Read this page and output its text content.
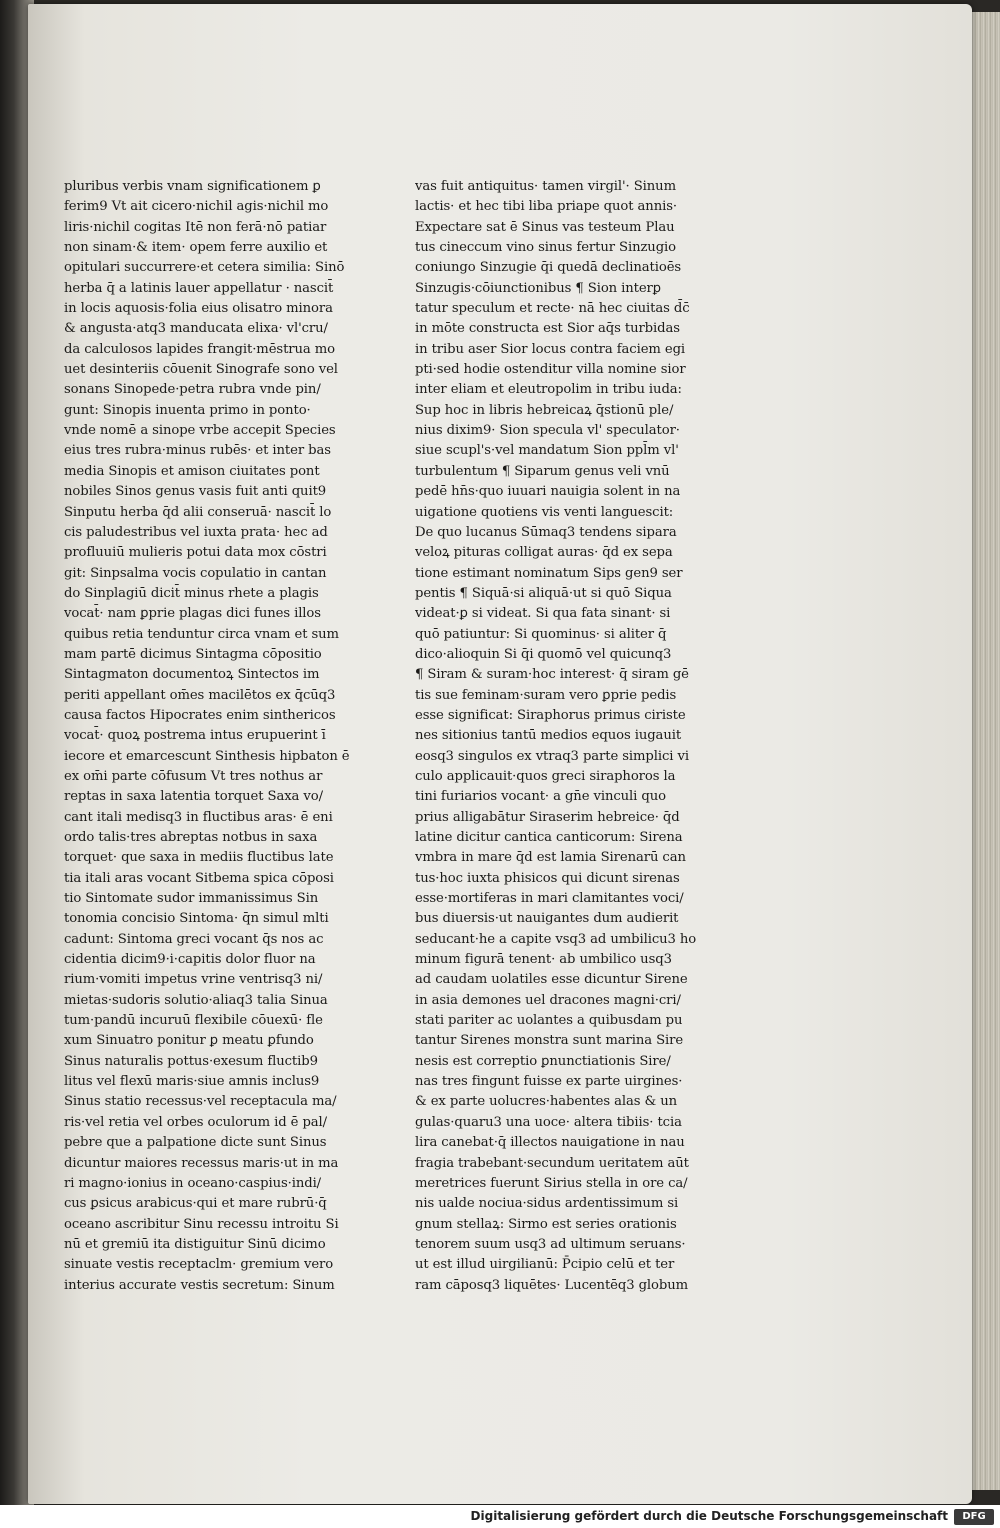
pluribus verbis vnam significationem ꝑ
ferim9 Vt ait cicero·nichil agis·nichil mo
liris·nichil cogitas Itē non ferā·nō patiar
non sinam·& item· opem ferre auxilio et
opitulari succurrere·et cetera similia: Sinō
herba q̄ a latinis lauer appellatur · nascit̄
in locis aquosis·folia eius olisatro minora
& angusta·atq3 manducata elixa· vl'cru/
da calculosos lapides frangit·mēstrua mo
uet desinteriis cōuenit Sinografe sono vel
sonans Sinopede·petra rubra vnde pin/
gunt: Sinopis inuenta primo in ponto·
vnde nomē a sinope vrbe accepit Species
eius tres rubra·minus rubēs· et inter bas
media Sinopis et amison ciuitates pont
nobiles Sinos genus vasis fuit anti quit9
Sinputu herba q̄d alii conseruā· nascit̄ lo
cis paludestribus vel iuxta prata· hec ad
profluuiū mulieris potui data mox cōstri
git: Sinpsalma vocis copulatio in cantan
do Sinplagiū dicit̄ minus rhete a plagis
vocat̄· nam ꝑprie plagas dici funes illos
quibus retia tenduntur circa vnam et sum
mam partē dicimus Sintagma cōpositio
Sintagmaton documentoꝝ Sintectos im
periti appellant om̄es macilētos ex q̄cūq3
causa factos Hipocrates enim sinthericos
vocat̄· quoꝝ postrema intus erupuerint ī
iecore et emarcescunt Sinthesis hipbaton ē
ex om̄i parte cōfusum Vt tres nothus ar
reptas in saxa latentia torquet Saxa vo/
cant itali medisq3 in fluctibus aras· ē eni
ordo talis·tres abreptas notbus in saxa
torquet· que saxa in mediis fluctibus late
tia itali aras vocant Sitbema spica cōposi
tio Sintomate sudor immanissimus Sin
tonomia concisio Sintoma· q̄n simul mlti
cadunt: Sintoma greci vocant q̄s nos ac
cidentia dicim9·i·capitis dolor fluor na
rium·vomiti impetus vrine ventrisq3 ni/
mietas·sudoris solutio·aliaq3 talia Sinua
tum·pandū incuruū flexibile cōuexū· fle
xum Sinuatro ponitur ꝑ meatu ꝑfundo
Sinus naturalis pottus·exesum fluctib9
litus vel flexū maris·siue amnis inclus9
Sinus statio recessus·vel receptacula ma/
ris·vel retia vel orbes oculorum id ē pal/
pebre que a palpatione dicte sunt Sinus
dicuntur maiores recessus maris·ut in ma
ri magno·ionius in oceano·caspius·indi/
cus ꝑsicus arabicus·qui et mare rubrū·q̄
oceano ascribitur Sinu recessu introitu Si
nū et gremiū ita distiguitur Sinū dicimo
sinuate vestis receptaclm· gremium vero
interius accurate vestis secretum: Sinum
vas fuit antiquitus· tamen virgil'· Sinum
lactis· et hec tibi liba priape quot annis·
Expectare sat ē Sinus vas testeum Plau
tus cineccum vino sinus fertur Sinzugio
coniungo Sinzugie q̄i quedā declinatioēs
Sinzugis·cōiunctionibus ¶ Sion interꝑ
tatur speculum et recte· nā hec ciuitas d̄c̄
in mōte constructa est Sior aq̄s turbidas
in tribu aser Sior locus contra faciem egi
pti·sed hodie ostenditur villa nomine sior
inter eliam et eleutropolim in tribu iuda:
Sup hoc in libris hebreicaꝝ q̄stionū ple/
nius dixim9· Sion specula vl' speculator·
siue scupl's·vel mandatum Sion ppl̄m vl'
turbulentum ¶ Siparum genus veli vnū
pedē hn̄s·quo iuuari nauigia solent in na
uigatione quotiens vis venti languescit:
De quo lucanus Sūmaq3 tendens sipara
veloꝝ pituras colligat auras· q̄d ex sepa
tione estimant nominatum Sips gen9 ser
pentis ¶ Siquā·si aliquā·ut si quō Siqua
videat·ꝑ si videat. Si qua fata sinant· si
quō patiuntur: Si quominus· si aliter q̄
dico·alioquin Si q̄i quomō vel quicunq3
¶ Siram & suram·hoc interest· q̄ siram gē
tis sue feminam·suram vero ꝑprie pedis
esse significat: Siraphorus primus ciriste
nes sitionius tantū medios equos iugauit
eosq3 singulos ex vtraq3 parte simplici vi
culo applicauit·quos greci siraphoros la
tini furiarios vocant· a gn̄e vinculi quo
prius alligabātur Siraserim hebreice· q̄d
latine dicitur cantica canticorum: Sirena
vmbra in mare q̄d est lamia Sirenarū can
tus·hoc iuxta phisicos qui dicunt sirenas
esse·mortiferas in mari clamitantes voci/
bus diuersis·ut nauigantes dum audierit
seducant·he a capite vsq3 ad umbilicu3 ho
minum figurā tenent· ab umbilico usq3
ad caudam uolatiles esse dicuntur Sirene
in asia demones uel dracones magni·cri/
stati pariter ac uolantes a quibusdam pu
tantur Sirenes monstra sunt marina Sire
nesis est correptio ꝑnunctiationis Sire/
nas tres fingunt fuisse ex parte uirgines·
& ex parte uolucres·habentes alas & un
gulas·quaru3 una uoce· altera tibiis· tcia
lira canebat·q̄ illectos nauigatione in nau
fragia trabebant·secundum ueritatem aūt
meretrices fuerunt Sirius stella in ore ca/
nis ualde nociua·sidus ardentissimum si
gnum stellaꝝ: Sirmo est series orationis
tenorem suum usq3 ad ultimum seruans·
ut est illud uirgilianū: P̄cipio celū et ter
ram cāposq3 liquētes· Lucentēq3 globum
Digitalisierung gefördert durch die Deutsche Forschungsgemeinschaft	DFG
